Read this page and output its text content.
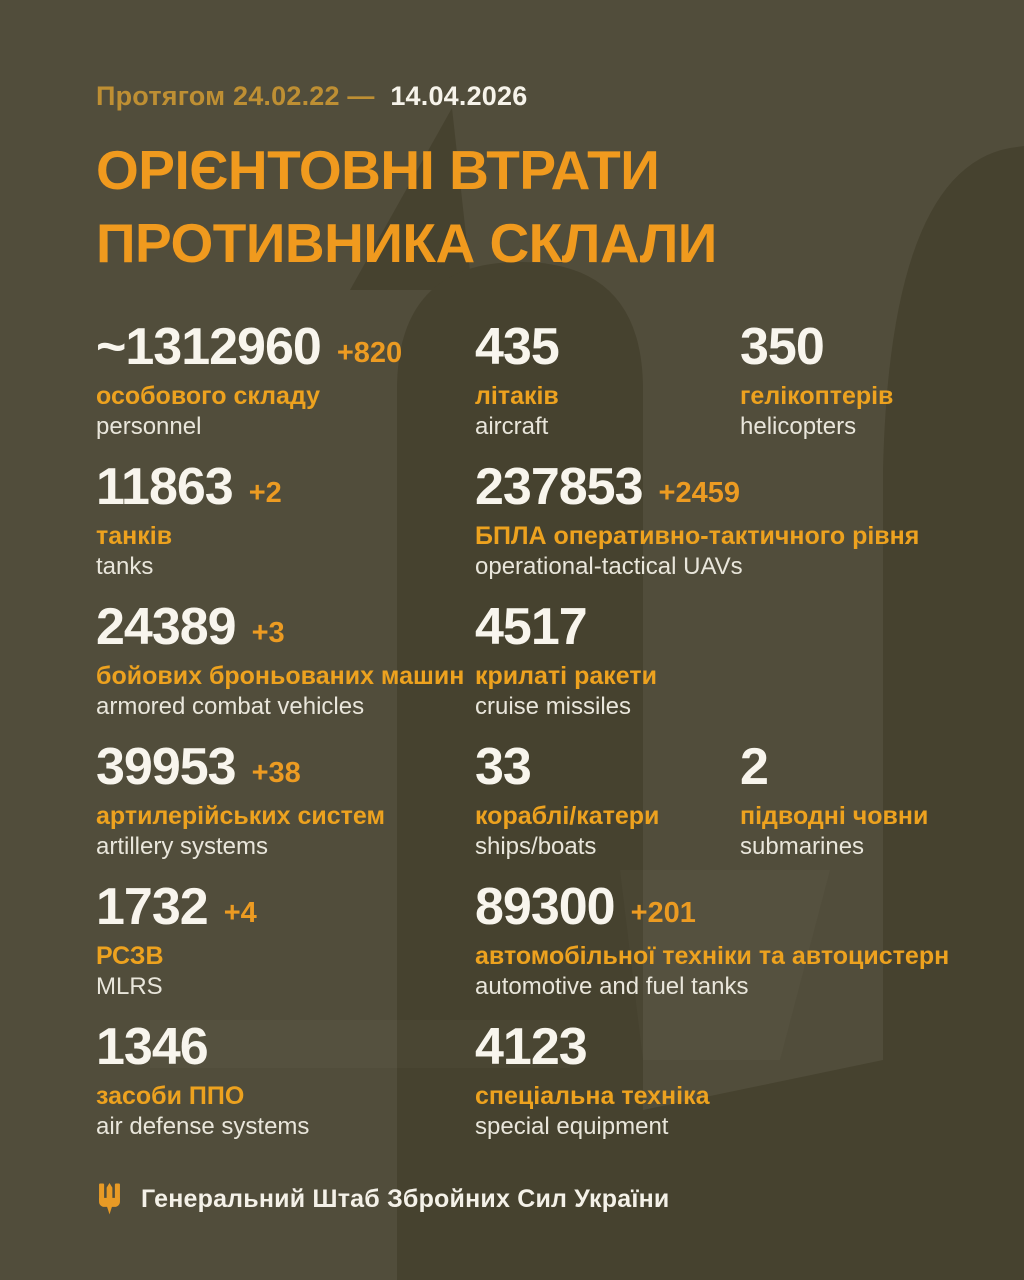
Протягом 24.02.22 — 14.04.2026
ОРІЄНТОВНІ ВТРАТИ
ПРОТИВНИКА СКЛАЛИ
~1312960 +820
особового складу
personnel
435
літаків
aircraft
350
гелікоптерів
helicopters
11863 +2
танків
tanks
237853 +2459
БПЛА оперативно-тактичного рівня
operational-tactical UAVs
24389 +3
бойових броньованих машин
armored combat vehicles
4517
крилаті ракети
cruise missiles
39953 +38
артилерійських систем
artillery systems
33
кораблі/катери
ships/boats
2
підводні човни
submarines
1732 +4
РСЗВ
MLRS
89300 +201
автомобільної техніки та автоцистерн
automotive and fuel tanks
1346
засоби ППО
air defense systems
4123
спеціальна техніка
special equipment
Генеральний Штаб Збройних Сил України
